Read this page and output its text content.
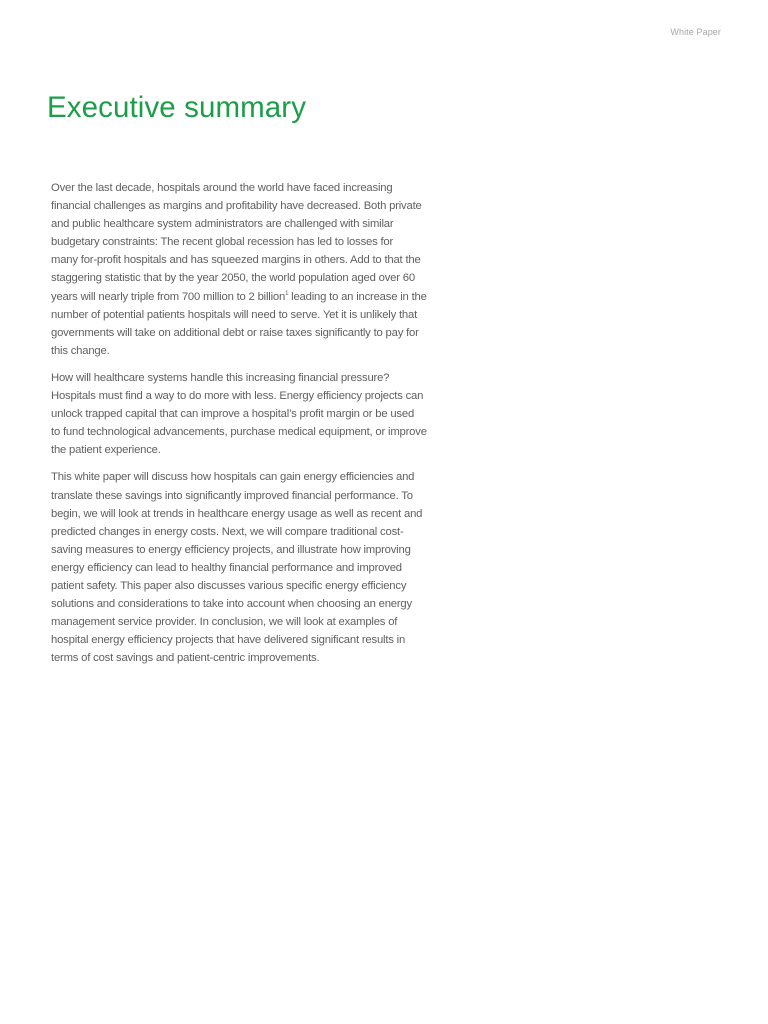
White Paper
Executive summary

Over the last decade, hospitals around the world have faced increasing
financial challenges as margins and profitability have decreased. Both private
and public healthcare system administrators are challenged with similar
budgetary constraints: The recent global recession has led to losses for
many for-profit hospitals and has squeezed margins in others. Add to that the
staggering statistic that by the year 2050, the world population aged over 60
years will nearly triple from 700 million to 2 billion$^1$ leading to an increase in the
number of potential patients hospitals will need to serve. Yet it is unlikely that
governments will take on additional debt or raise taxes significantly to pay for
this change.

How will healthcare systems handle this increasing financial pressure?
Hospitals must find a way to do more with less. Energy efficiency projects can
unlock trapped capital that can improve a hospital’s profit margin or be used
to fund technological advancements, purchase medical equipment, or improve
the patient experience.

This white paper will discuss how hospitals can gain energy efficiencies and
translate these savings into significantly improved financial performance. To
begin, we will look at trends in healthcare energy usage as well as recent and
predicted changes in energy costs. Next, we will compare traditional cost-
saving measures to energy efficiency projects, and illustrate how improving
energy efficiency can lead to healthy financial performance and improved
patient safety. This paper also discusses various specific energy efficiency
solutions and considerations to take into account when choosing an energy
management service provider. In conclusion, we will look at examples of
hospital energy efficiency projects that have delivered significant results in
terms of cost savings and patient-centric improvements.
